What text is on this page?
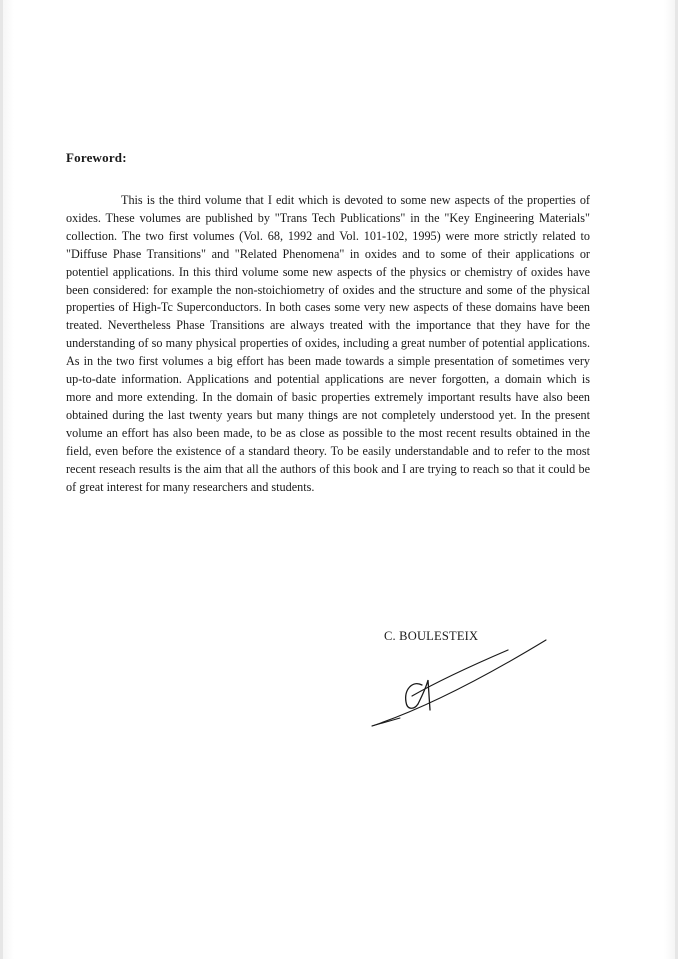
Foreword:

This is the third volume that I edit which is devoted to some new aspects of the properties of oxides. These volumes are published by "Trans Tech Publications" in the "Key Engineering Materials" collection. The two first volumes (Vol. 68, 1992 and Vol. 101-102, 1995) were more strictly related to "Diffuse Phase Transitions" and "Related Phenomena" in oxides and to some of their applications or potentiel applications. In this third volume some new aspects of the physics or chemistry of oxides have been considered: for example the non-stoichiometry of oxides and the structure and some of the physical properties of High-Tc Superconductors. In both cases some very new aspects of these domains have been treated. Nevertheless Phase Transitions are always treated with the importance that they have for the understanding of so many physical properties of oxides, including a great number of potential applications. As in the two first volumes a big effort has been made towards a simple presentation of sometimes very up-to-date information. Applications and potential applications are never forgotten, a domain which is more and more extending. In the domain of basic properties extremely important results have also been obtained during the last twenty years but many things are not completely understood yet. In the present volume an effort has also been made, to be as close as possible to the most recent results obtained in the field, even before the existence of a standard theory. To be easily understandable and to refer to the most recent reseach results is the aim that all the authors of this book and I are trying to reach so that it could be of great interest for many researchers and students.

C. BOULESTEIX
